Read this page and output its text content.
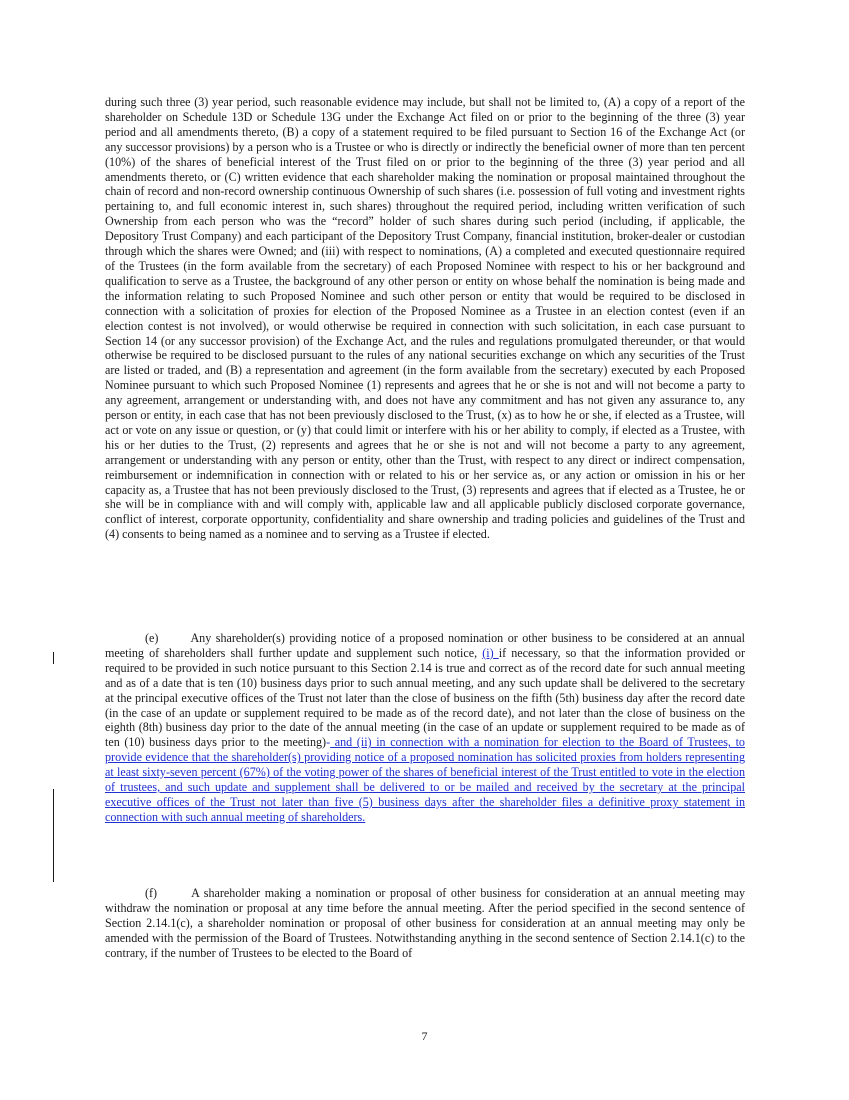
during such three (3) year period, such reasonable evidence may include, but shall not be limited to, (A) a copy of a report of the shareholder on Schedule 13D or Schedule 13G under the Exchange Act filed on or prior to the beginning of the three (3) year period and all amendments thereto, (B) a copy of a statement required to be filed pursuant to Section 16 of the Exchange Act (or any successor provisions) by a person who is a Trustee or who is directly or indirectly the beneficial owner of more than ten percent (10%) of the shares of beneficial interest of the Trust filed on or prior to the beginning of the three (3) year period and all amendments thereto, or (C) written evidence that each shareholder making the nomination or proposal maintained throughout the chain of record and non-record ownership continuous Ownership of such shares (i.e. possession of full voting and investment rights pertaining to, and full economic interest in, such shares) throughout the required period, including written verification of such Ownership from each person who was the “record” holder of such shares during such period (including, if applicable, the Depository Trust Company) and each participant of the Depository Trust Company, financial institution, broker-dealer or custodian through which the shares were Owned; and (iii) with respect to nominations, (A) a completed and executed questionnaire required of the Trustees (in the form available from the secretary) of each Proposed Nominee with respect to his or her background and qualification to serve as a Trustee, the background of any other person or entity on whose behalf the nomination is being made and the information relating to such Proposed Nominee and such other person or entity that would be required to be disclosed in connection with a solicitation of proxies for election of the Proposed Nominee as a Trustee in an election contest (even if an election contest is not involved), or would otherwise be required in connection with such solicitation, in each case pursuant to Section 14 (or any successor provision) of the Exchange Act, and the rules and regulations promulgated thereunder, or that would otherwise be required to be disclosed pursuant to the rules of any national securities exchange on which any securities of the Trust are listed or traded, and (B) a representation and agreement (in the form available from the secretary) executed by each Proposed Nominee pursuant to which such Proposed Nominee (1) represents and agrees that he or she is not and will not become a party to any agreement, arrangement or understanding with, and does not have any commitment and has not given any assurance to, any person or entity, in each case that has not been previously disclosed to the Trust, (x) as to how he or she, if elected as a Trustee, will act or vote on any issue or question, or (y) that could limit or interfere with his or her ability to comply, if elected as a Trustee, with his or her duties to the Trust, (2) represents and agrees that he or she is not and will not become a party to any agreement, arrangement or understanding with any person or entity, other than the Trust, with respect to any direct or indirect compensation, reimbursement or indemnification in connection with or related to his or her service as, or any action or omission in his or her capacity as, a Trustee that has not been previously disclosed to the Trust, (3) represents and agrees that if elected as a Trustee, he or she will be in compliance with and will comply with, applicable law and all applicable publicly disclosed corporate governance, conflict of interest, corporate opportunity, confidentiality and share ownership and trading policies and guidelines of the Trust and (4) consents to being named as a nominee and to serving as a Trustee if elected.

(e)	Any shareholder(s) providing notice of a proposed nomination or other business to be considered at an annual meeting of shareholders shall further update and supplement such notice, (i) if necessary, so that the information provided or required to be provided in such notice pursuant to this Section 2.14 is true and correct as of the record date for such annual meeting and as of a date that is ten (10) business days prior to such annual meeting, and any such update shall be delivered to the secretary at the principal executive offices of the Trust not later than the close of business on the fifth (5th) business day after the record date (in the case of an update or supplement required to be made as of the record date), and not later than the close of business on the eighth (8th) business day prior to the date of the annual meeting (in the case of an update or supplement required to be made as of ten (10) business days prior to the meeting)- and (ii) in connection with a nomination for election to the Board of Trustees, to provide evidence that the shareholder(s) providing notice of a proposed nomination has solicited proxies from holders representing at least sixty-seven percent (67%) of the voting power of the shares of beneficial interest of the Trust entitled to vote in the election of trustees, and such update and supplement shall be delivered to or be mailed and received by the secretary at the principal executive offices of the Trust not later than five (5) business days after the shareholder files a definitive proxy statement in connection with such annual meeting of shareholders.

(f)	A shareholder making a nomination or proposal of other business for consideration at an annual meeting may withdraw the nomination or proposal at any time before the annual meeting. After the period specified in the second sentence of Section 2.14.1(c), a shareholder nomination or proposal of other business for consideration at an annual meeting may only be amended with the permission of the Board of Trustees. Notwithstanding anything in the second sentence of Section 2.14.1(c) to the contrary, if the number of Trustees to be elected to the Board of

7
